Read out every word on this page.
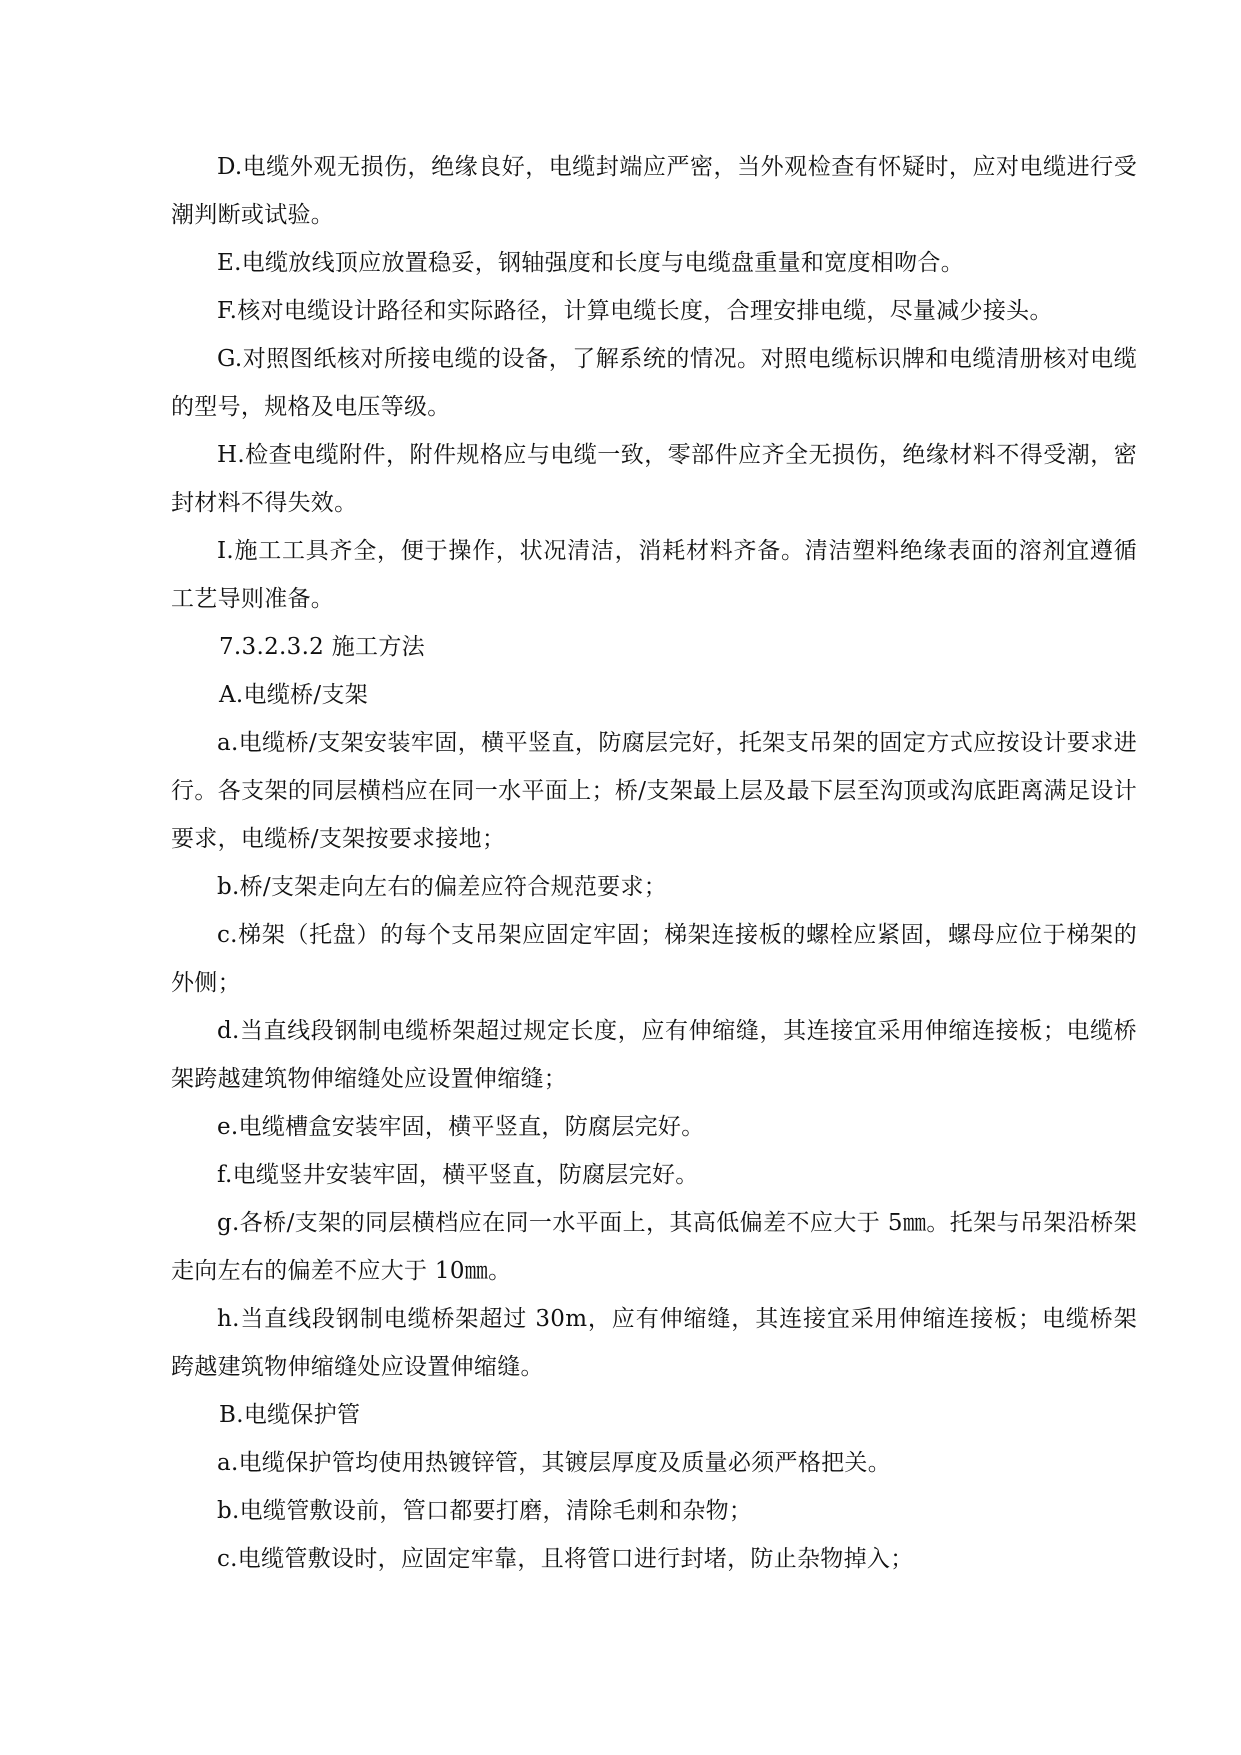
D.电缆外观无损伤，绝缘良好，电缆封端应严密，当外观检查有怀疑时，应对电缆进行受潮判断或试验。

E.电缆放线顶应放置稳妥，钢轴强度和长度与电缆盘重量和宽度相吻合。

F.核对电缆设计路径和实际路径，计算电缆长度，合理安排电缆，尽量减少接头。

G.对照图纸核对所接电缆的设备，了解系统的情况。对照电缆标识牌和电缆清册核对电缆的型号，规格及电压等级。

H.检查电缆附件，附件规格应与电缆一致，零部件应齐全无损伤，绝缘材料不得受潮，密封材料不得失效。

I.施工工具齐全，便于操作，状况清洁，消耗材料齐备。清洁塑料绝缘表面的溶剂宜遵循工艺导则准备。

7.3.2.3.2 施工方法

A.电缆桥/支架

a.电缆桥/支架安装牢固，横平竖直，防腐层完好，托架支吊架的固定方式应按设计要求进行。各支架的同层横档应在同一水平面上；桥/支架最上层及最下层至沟顶或沟底距离满足设计要求，电缆桥/支架按要求接地；

b.桥/支架走向左右的偏差应符合规范要求；

c.梯架（托盘）的每个支吊架应固定牢固；梯架连接板的螺栓应紧固，螺母应位于梯架的外侧；

d.当直线段钢制电缆桥架超过规定长度，应有伸缩缝，其连接宜采用伸缩连接板；电缆桥架跨越建筑物伸缩缝处应设置伸缩缝；

e.电缆槽盒安装牢固，横平竖直，防腐层完好。

f.电缆竖井安装牢固，横平竖直，防腐层完好。

g.各桥/支架的同层横档应在同一水平面上，其高低偏差不应大于 5㎜。托架与吊架沿桥架走向左右的偏差不应大于 10㎜。

h.当直线段钢制电缆桥架超过 30m，应有伸缩缝，其连接宜采用伸缩连接板；电缆桥架跨越建筑物伸缩缝处应设置伸缩缝。

B.电缆保护管

a.电缆保护管均使用热镀锌管，其镀层厚度及质量必须严格把关。

b.电缆管敷设前，管口都要打磨，清除毛刺和杂物；

c.电缆管敷设时，应固定牢靠，且将管口进行封堵，防止杂物掉入；
